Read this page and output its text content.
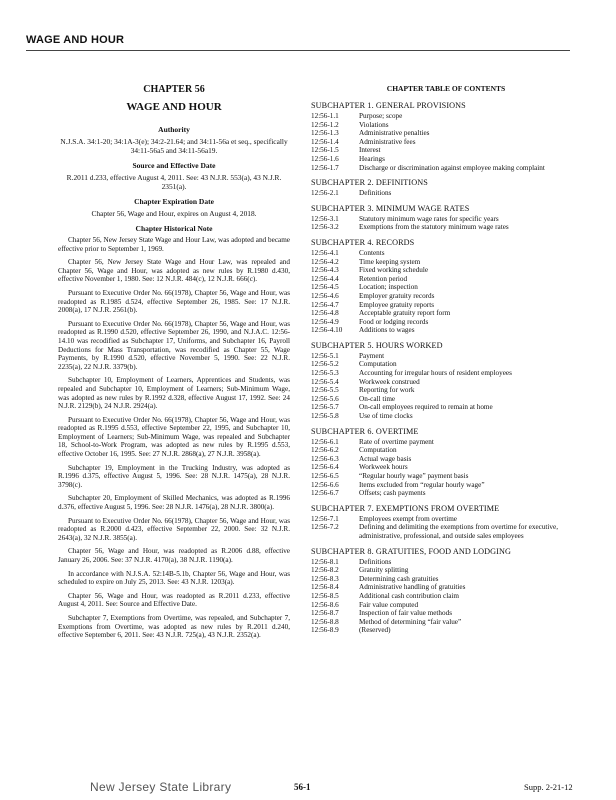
WAGE AND HOUR
CHAPTER 56
WAGE AND HOUR
Authority
N.J.S.A. 34:1-20; 34:1A-3(e); 34:2-21.64; and 34:11-56a et seq., specifically 34:11-56a5 and 34:11-56a19.
Source and Effective Date
R.2011 d.233, effective August 4, 2011. See: 43 N.J.R. 553(a), 43 N.J.R. 2351(a).
Chapter Expiration Date
Chapter 56, Wage and Hour, expires on August 4, 2018.
Chapter Historical Note
Chapter 56, New Jersey State Wage and Hour Law, was adopted and became effective prior to September 1, 1969.
Chapter 56, New Jersey State Wage and Hour Law, was repealed and Chapter 56, Wage and Hour, was adopted as new rules by R.1980 d.430, effective November 1, 1980. See: 12 N.J.R. 484(c), 12 N.J.R. 666(c).
Pursuant to Executive Order No. 66(1978), Chapter 56, Wage and Hour, was readopted as R.1985 d.524, effective September 26, 1985. See: 17 N.J.R. 2008(a), 17 N.J.R. 2561(b).
Pursuant to Executive Order No. 66(1978), Chapter 56, Wage and Hour, was readopted as R.1990 d.520, effective September 26, 1990, and N.J.A.C. 12:56-14.10 was recodified as Subchapter 17, Uniforms, and Subchapter 16, Payroll Deductions for Mass Transportation, was recodified as Chapter 55, Wage Payments, by R.1990 d.520, effective November 5, 1990. See: 22 N.J.R. 2235(a), 22 N.J.R. 3379(b).
Subchapter 10, Employment of Learners, Apprentices and Students, was repealed and Subchapter 10, Employment of Learners; Sub-Minimum Wage, was adopted as new rules by R.1992 d.328, effective August 17, 1992. See: 24 N.J.R. 2129(b), 24 N.J.R. 2924(a).
Pursuant to Executive Order No. 66(1978), Chapter 56, Wage and Hour, was readopted as R.1995 d.553, effective September 22, 1995, and Subchapter 10, Employment of Learners; Sub-Minimum Wage, was repealed and Subchapter 18, School-to-Work Program, was adopted as new rules by R.1995 d.553, effective October 16, 1995. See: 27 N.J.R. 2868(a), 27 N.J.R. 3958(a).
Subchapter 19, Employment in the Trucking Industry, was adopted as R.1996 d.375, effective August 5, 1996. See: 28 N.J.R. 1475(a), 28 N.J.R. 3798(c).
Subchapter 20, Employment of Skilled Mechanics, was adopted as R.1996 d.376, effective August 5, 1996. See: 28 N.J.R. 1476(a), 28 N.J.R. 3800(a).
Pursuant to Executive Order No. 66(1978), Chapter 56, Wage and Hour, was readopted as R.2000 d.423, effective September 22, 2000. See: 32 N.J.R. 2643(a), 32 N.J.R. 3855(a).
Chapter 56, Wage and Hour, was readopted as R.2006 d.88, effective January 26, 2006. See: 37 N.J.R. 4170(a), 38 N.J.R. 1190(a).
In accordance with N.J.S.A. 52:14B-5.1b, Chapter 56, Wage and Hour, was scheduled to expire on July 25, 2013. See: 43 N.J.R. 1203(a).
Chapter 56, Wage and Hour, was readopted as R.2011 d.233, effective August 4, 2011. See: Source and Effective Date.
Subchapter 7, Exemptions from Overtime, was repealed, and Subchapter 7, Exemptions from Overtime, was adopted as new rules by R.2011 d.240, effective September 6, 2011. See: 43 N.J.R. 725(a), 43 N.J.R. 2352(a).
CHAPTER TABLE OF CONTENTS
SUBCHAPTER 1. GENERAL PROVISIONS
12:56-1.1	Purpose; scope
12:56-1.2	Violations
12:56-1.3	Administrative penalties
12:56-1.4	Administrative fees
12:56-1.5	Interest
12:56-1.6	Hearings
12:56-1.7	Discharge or discrimination against employee making complaint
SUBCHAPTER 2. DEFINITIONS
12:56-2.1	Definitions
SUBCHAPTER 3. MINIMUM WAGE RATES
12:56-3.1	Statutory minimum wage rates for specific years
12:56-3.2	Exemptions from the statutory minimum wage rates
SUBCHAPTER 4. RECORDS
12:56-4.1	Contents
12:56-4.2	Time keeping system
12:56-4.3	Fixed working schedule
12:56-4.4	Retention period
12:56-4.5	Location; inspection
12:56-4.6	Employer gratuity records
12:56-4.7	Employee gratuity reports
12:56-4.8	Acceptable gratuity report form
12:56-4.9	Food or lodging records
12:56-4.10	Additions to wages
SUBCHAPTER 5. HOURS WORKED
12:56-5.1	Payment
12:56-5.2	Computation
12:56-5.3	Accounting for irregular hours of resident employees
12:56-5.4	Workweek construed
12:56-5.5	Reporting for work
12:56-5.6	On-call time
12:56-5.7	On-call employees required to remain at home
12:56-5.8	Use of time clocks
SUBCHAPTER 6. OVERTIME
12:56-6.1	Rate of overtime payment
12:56-6.2	Computation
12:56-6.3	Actual wage basis
12:56-6.4	Workweek hours
12:56-6.5	“Regular hourly wage” payment basis
12:56-6.6	Items excluded from “regular hourly wage”
12:56-6.7	Offsets; cash payments
SUBCHAPTER 7. EXEMPTIONS FROM OVERTIME
12:56-7.1	Employees exempt from overtime
12:56-7.2	Defining and delimiting the exemptions from overtime for executive, administrative, professional, and outside sales employees
SUBCHAPTER 8. GRATUITIES, FOOD AND LODGING
12:56-8.1	Definitions
12:56-8.2	Gratuity splitting
12:56-8.3	Determining cash gratuities
12:56-8.4	Administrative handling of gratuities
12:56-8.5	Additional cash contribution claim
12:56-8.6	Fair value computed
12:56-8.7	Inspection of fair value methods
12:56-8.8	Method of determining “fair value”
12:56-8.9	(Reserved)
New Jersey State Library	56-1	Supp. 2-21-12
